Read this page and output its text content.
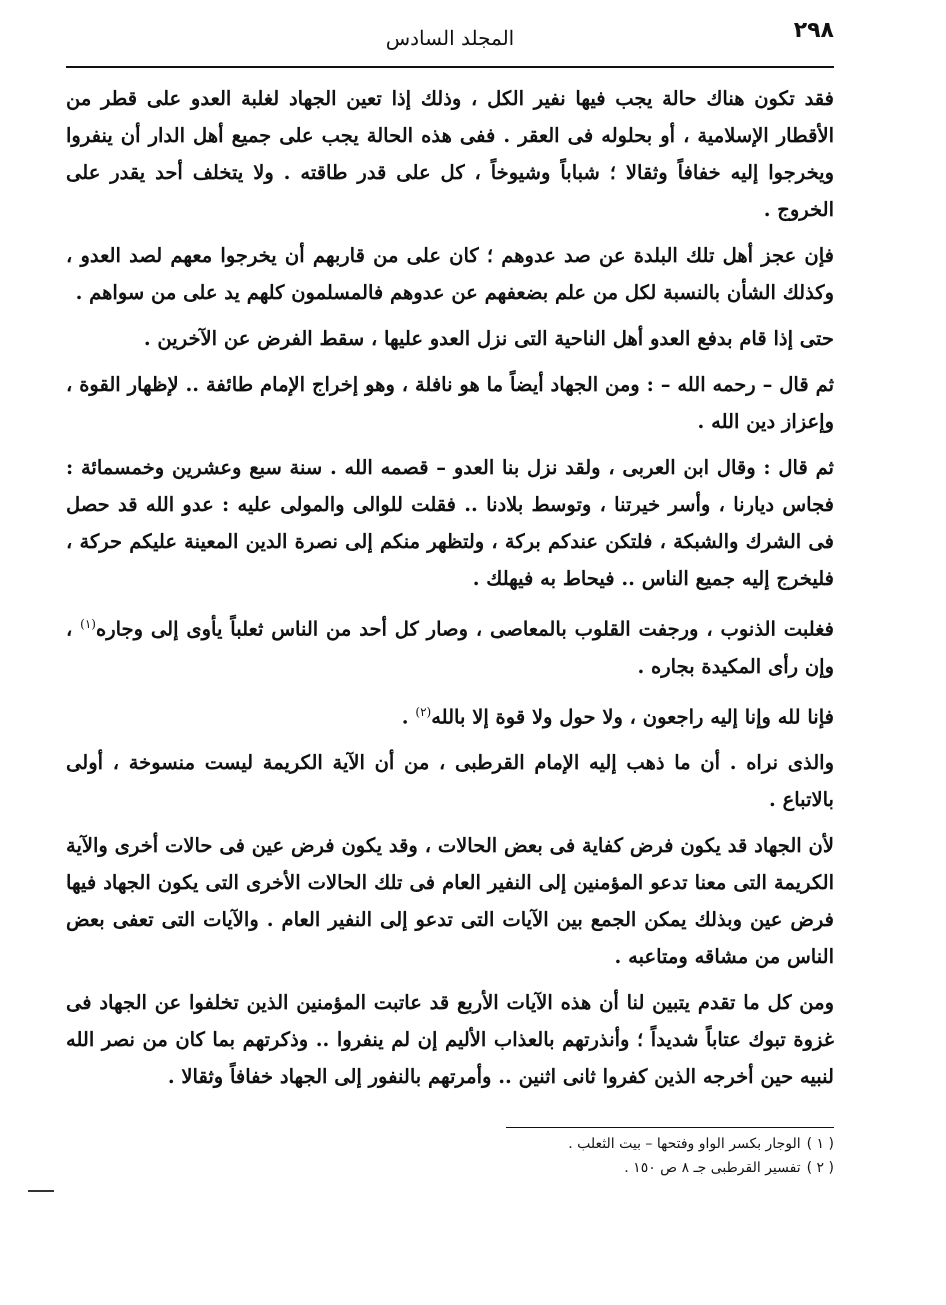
٢٩٨
المجلد السادس

فقد تكون هناك حالة يجب فيها نفير الكل ، وذلك إذا تعين الجهاد لغلبة العدو على قطر من الأقطار الإسلامية ، أو بحلوله فى العقر . ففى هذه الحالة يجب على جميع أهل الدار أن ينفروا ويخرجوا إليه خفافاً وثقالا ؛ شباباً وشيوخاً ، كل على قدر طاقته . ولا يتخلف أحد يقدر على الخروج .

فإن عجز أهل تلك البلدة عن صد عدوهم ؛ كان على من قاربهم أن يخرجوا معهم لصد العدو ، وكذلك الشأن بالنسبة لكل من علم بضعفهم عن عدوهم فالمسلمون كلهم يد على من سواهم .

حتى إذا قام بدفع العدو أهل الناحية التى نزل العدو عليها ، سقط الفرض عن الآخرين .

ثم قال – رحمه الله – : ومن الجهاد أيضاً ما هو نافلة ، وهو إخراج الإمام طائفة .. لإظهار القوة ، وإعزاز دين الله .

ثم قال : وقال ابن العربى ، ولقد نزل بنا العدو – قصمه الله . سنة سبع وعشرين وخمسمائة : فجاس ديارنا ، وأسر خيرتنا ، وتوسط بلادنا .. فقلت للوالى والمولى عليه : عدو الله قد حصل فى الشرك والشبكة ، فلتكن عندكم بركة ، ولتظهر منكم إلى نصرة الدين المعينة عليكم حركة ، فليخرج إليه جميع الناس .. فيحاط به فيهلك .

فغلبت الذنوب ، ورجفت القلوب بالمعاصى ، وصار كل أحد من الناس ثعلباً يأوى إلى وجاره$^{(١)}$ ، وإن رأى المكيدة بجاره .

فإنا لله وإنا إليه راجعون ، ولا حول ولا قوة إلا بالله$^{(٢)}$ .

والذى نراه . أن ما ذهب إليه الإمام القرطبى ، من أن الآية الكريمة ليست منسوخة ، أولى بالاتباع .

لأن الجهاد قد يكون فرض كفاية فى بعض الحالات ، وقد يكون فرض عين فى حالات أخرى والآية الكريمة التى معنا تدعو المؤمنين إلى النفير العام فى تلك الحالات الأخرى التى يكون الجهاد فيها فرض عين وبذلك يمكن الجمع بين الآيات التى تدعو إلى النفير العام . والآيات التى تعفى بعض الناس من مشاقه ومتاعبه .

ومن كل ما تقدم يتبين لنا أن هذه الآيات الأربع قد عاتبت المؤمنين الذين تخلفوا عن الجهاد فى غزوة تبوك عتاباً شديداً ؛ وأنذرتهم بالعذاب الأليم إن لم ينفروا .. وذكرتهم بما كان من نصر الله لنبيه حين أخرجه الذين كفروا ثانى اثنين .. وأمرتهم بالنفور إلى الجهاد خفافاً وثقالا .

( ١ )الوجار بكسر الواو وفتحها – بيت الثعلب .

( ٢ )تفسير القرطبى جـ ٨ ص ١٥٠ .
